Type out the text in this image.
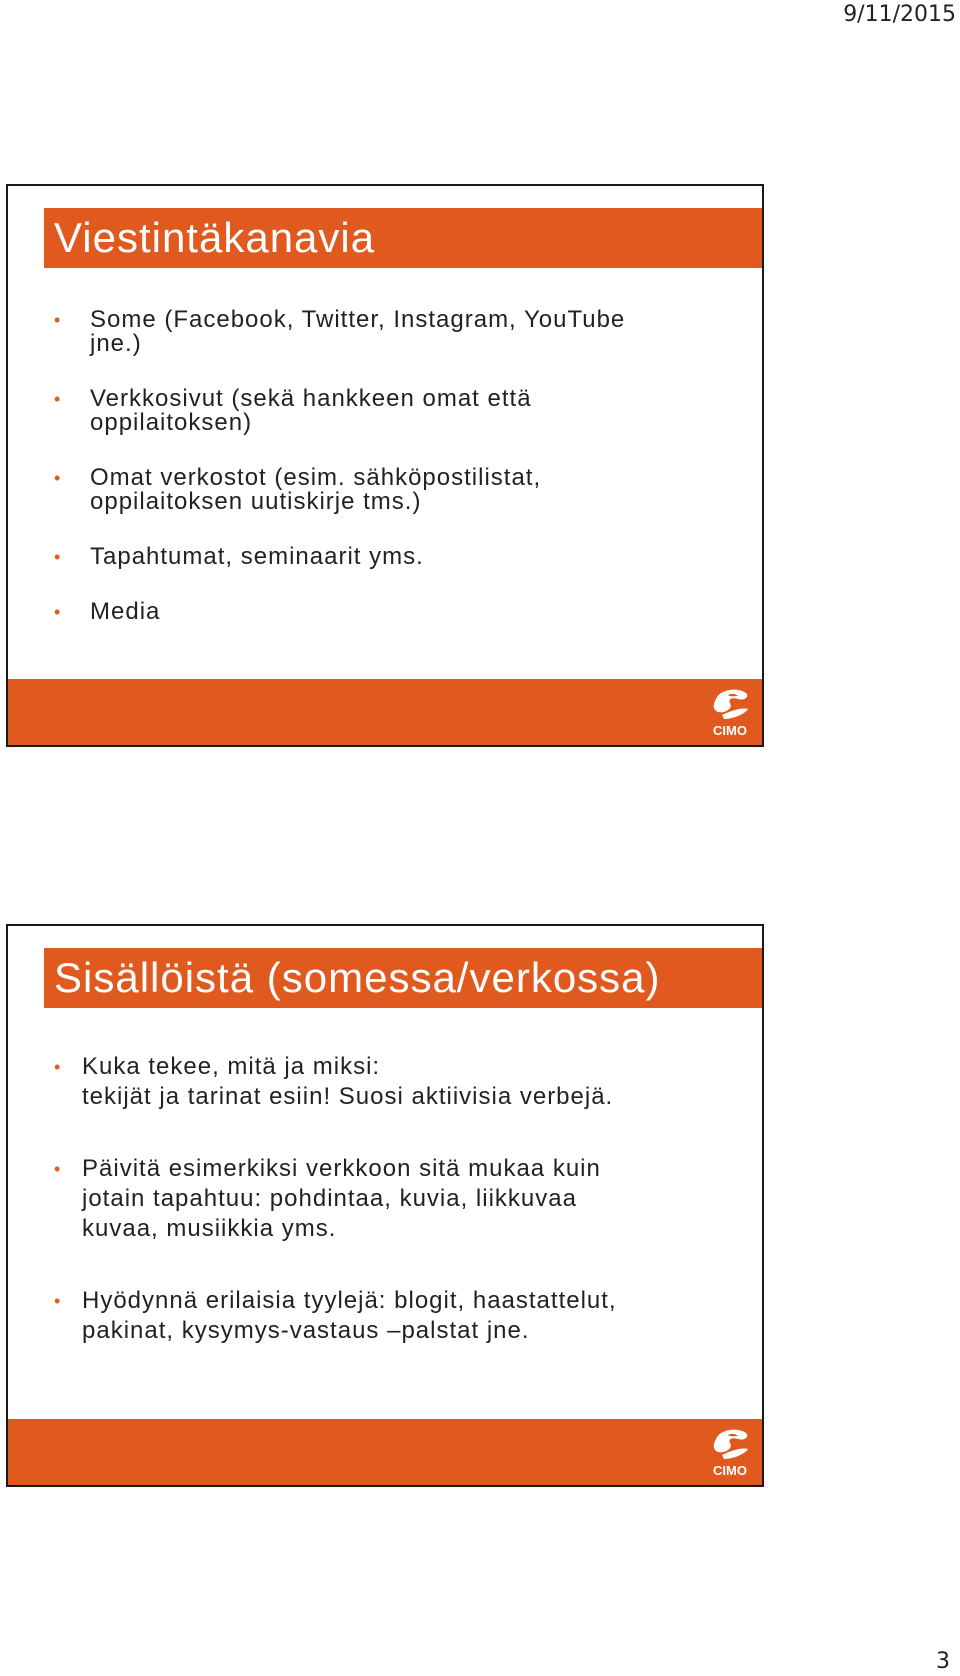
9/11/2015
Viestintäkanavia
• Some (Facebook, Twitter, Instagram, YouTube
jne.)
• Verkkosivut (sekä hankkeen omat että
oppilaitoksen)
• Omat verkostot (esim. sähköpostilistat,
oppilaitoksen uutiskirje tms.)
• Tapahtumat, seminaarit yms.
• Media
CIMO
Sisällöistä (somessa/verkossa)
• Kuka tekee, mitä ja miksi:
tekijät ja tarinat esiin! Suosi aktiivisia verbejä.
• Päivitä esimerkiksi verkkoon sitä mukaa kuin
jotain tapahtuu: pohdintaa, kuvia, liikkuvaa
kuvaa, musiikkia yms.
• Hyödynnä erilaisia tyylejä: blogit, haastattelut,
pakinat, kysymys-vastaus –palstat jne.
CIMO
3
